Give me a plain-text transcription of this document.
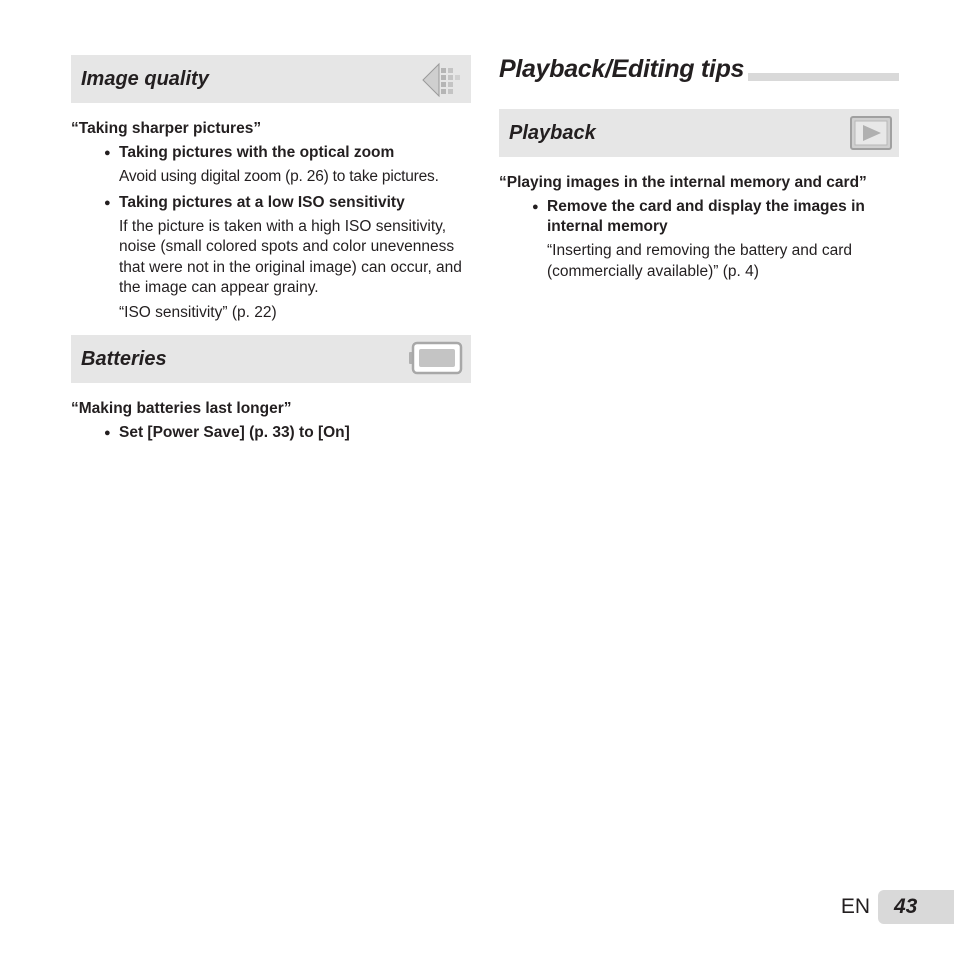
Image quality
“Taking sharper pictures”
● Taking pictures with the optical zoom
Avoid using digital zoom (p. 26) to take pictures.
● Taking pictures at a low ISO sensitivity
If the picture is taken with a high ISO sensitivity, noise (small colored spots and color unevenness that were not in the original image) can occur, and the image can appear grainy.
“ISO sensitivity” (p. 22)
Batteries
“Making batteries last longer”
● Set [Power Save] (p. 33) to [On]
Playback/Editing tips
Playback
“Playing images in the internal memory and card”
● Remove the card and display the images in internal memory
“Inserting and removing the battery and card (commercially available)” (p. 4)
EN	43
